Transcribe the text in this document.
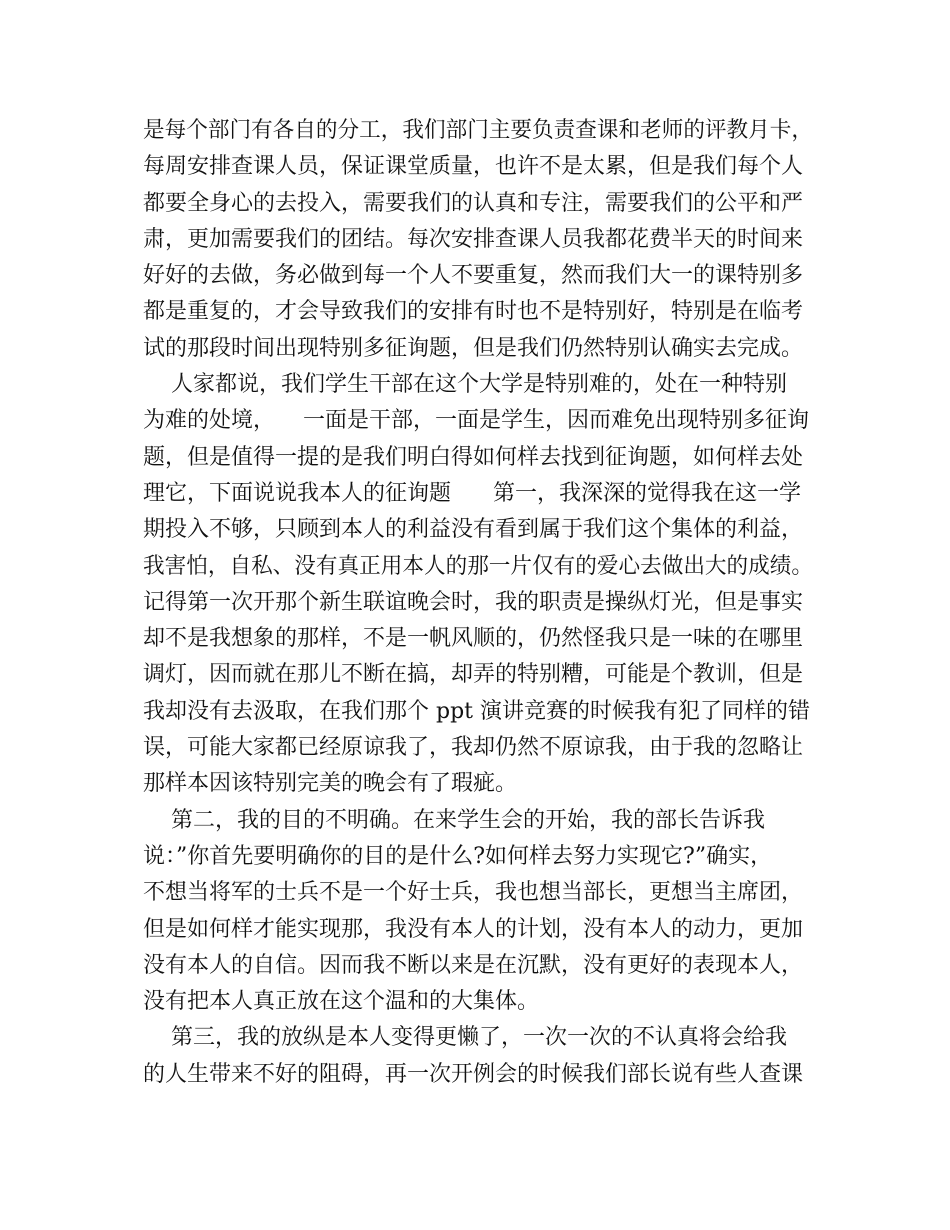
是每个部门有各自的分工，我们部门主要负责查课和老师的评教月卡，
每周安排查课人员，保证课堂质量，也许不是太累，但是我们每个人
都要全身心的去投入，需要我们的认真和专注，需要我们的公平和严
肃，更加需要我们的团结。每次安排查课人员我都花费半天的时间来
好好的去做，务必做到每一个人不要重复，然而我们大一的课特别多
都是重复的，才会导致我们的安排有时也不是特别好，特别是在临考
试的那段时间出现特别多征询题，但是我们仍然特别认确实去完成。
人家都说，我们学生干部在这个大学是特别难的，处在一种特别
为难的处境，    一面是干部，一面是学生，因而难免出现特别多征询
题，但是值得一提的是我们明白得如何样去找到征询题，如何样去处
理它，下面说说我本人的征询题      第一，我深深的觉得我在这一学
期投入不够，只顾到本人的利益没有看到属于我们这个集体的利益，
我害怕，自私、没有真正用本人的那一片仅有的爱心去做出大的成绩。
记得第一次开那个新生联谊晚会时，我的职责是操纵灯光，但是事实
却不是我想象的那样，不是一帆风顺的，仍然怪我只是一味的在哪里
调灯，因而就在那儿不断在搞，却弄的特别糟，可能是个教训，但是
我却没有去汲取，在我们那个 ppt 演讲竞赛的时候我有犯了同样的错
误，可能大家都已经原谅我了，我却仍然不原谅我，由于我的忽略让
那样本因该特别完美的晚会有了瑕疵。
第二，我的目的不明确。在来学生会的开始，我的部长告诉我
说：”你首先要明确你的目的是什么?如何样去努力实现它?”确实，
不想当将军的士兵不是一个好士兵，我也想当部长，更想当主席团，
但是如何样才能实现那，我没有本人的计划，没有本人的动力，更加
没有本人的自信。因而我不断以来是在沉默，没有更好的表现本人，
没有把本人真正放在这个温和的大集体。
第三，我的放纵是本人变得更懒了，一次一次的不认真将会给我
的人生带来不好的阻碍，再一次开例会的时候我们部长说有些人查课
